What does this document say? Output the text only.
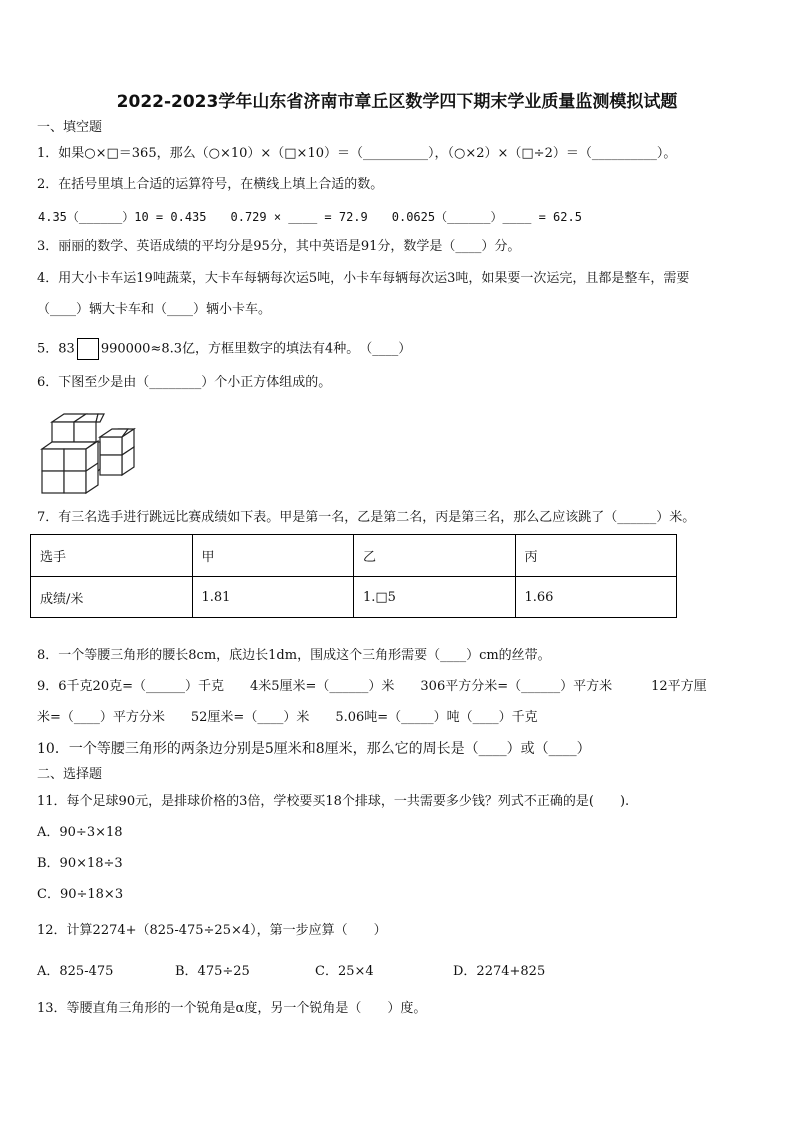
2022-2023学年山东省济南市章丘区数学四下期末学业质量监测模拟试题
一、填空题
1．如果○×□＝365，那么（○×10）×（□×10）＝（__________），（○×2）×（□÷2）＝（__________）。
2．在括号里填上合适的运算符号，在横线上填上合适的数。
4.35（______）10 = 0.435　　0.729 × ____ = 72.9　　0.0625（______）____ = 62.5
3．丽丽的数学、英语成绩的平均分是95分，其中英语是91分，数学是（____）分。
4．用大小卡车运19吨蔬菜，大卡车每辆每次运5吨，小卡车每辆每次运3吨，如果要一次运完，且都是整车，需要
（____）辆大卡车和（____）辆小卡车。
5．83 990000≈8.3亿，方框里数字的填法有4种。　（____）
6．下图至少是由（________）个小正方体组成的。
7．有三名选手进行跳远比赛成绩如下表。甲是第一名，乙是第二名，丙是第三名，那么乙应该跳了（______）米。
选手	甲	乙	丙
成绩/米	1.81	1.□5	1.66
8．一个等腰三角形的腰长8cm，底边长1dm，围成这个三角形需要（____）cm的丝带。
9．6千克20克=（______）千克　　4米5厘米=（______）米　　306平方分米=（______）平方米　　　12平方厘
米=（____）平方分米　　52厘米=（____）米　　5.06吨=（_____）吨（____）千克
10．一个等腰三角形的两条边分别是5厘米和8厘米，那么它的周长是（____）或（____）
二、选择题
11．每个足球90元，是排球价格的3倍，学校要买18个排球，一共需要多少钱？列式不正确的是(　　).
A．90÷3×18
B．90×18÷3
C．90÷18×3
12．计算2274+（825-475÷25×4），第一步应算（　　）
A．825-475	B．475÷25	C．25×4	D．2274+825
13．等腰直角三角形的一个锐角是α度，另一个锐角是（　　）度。
